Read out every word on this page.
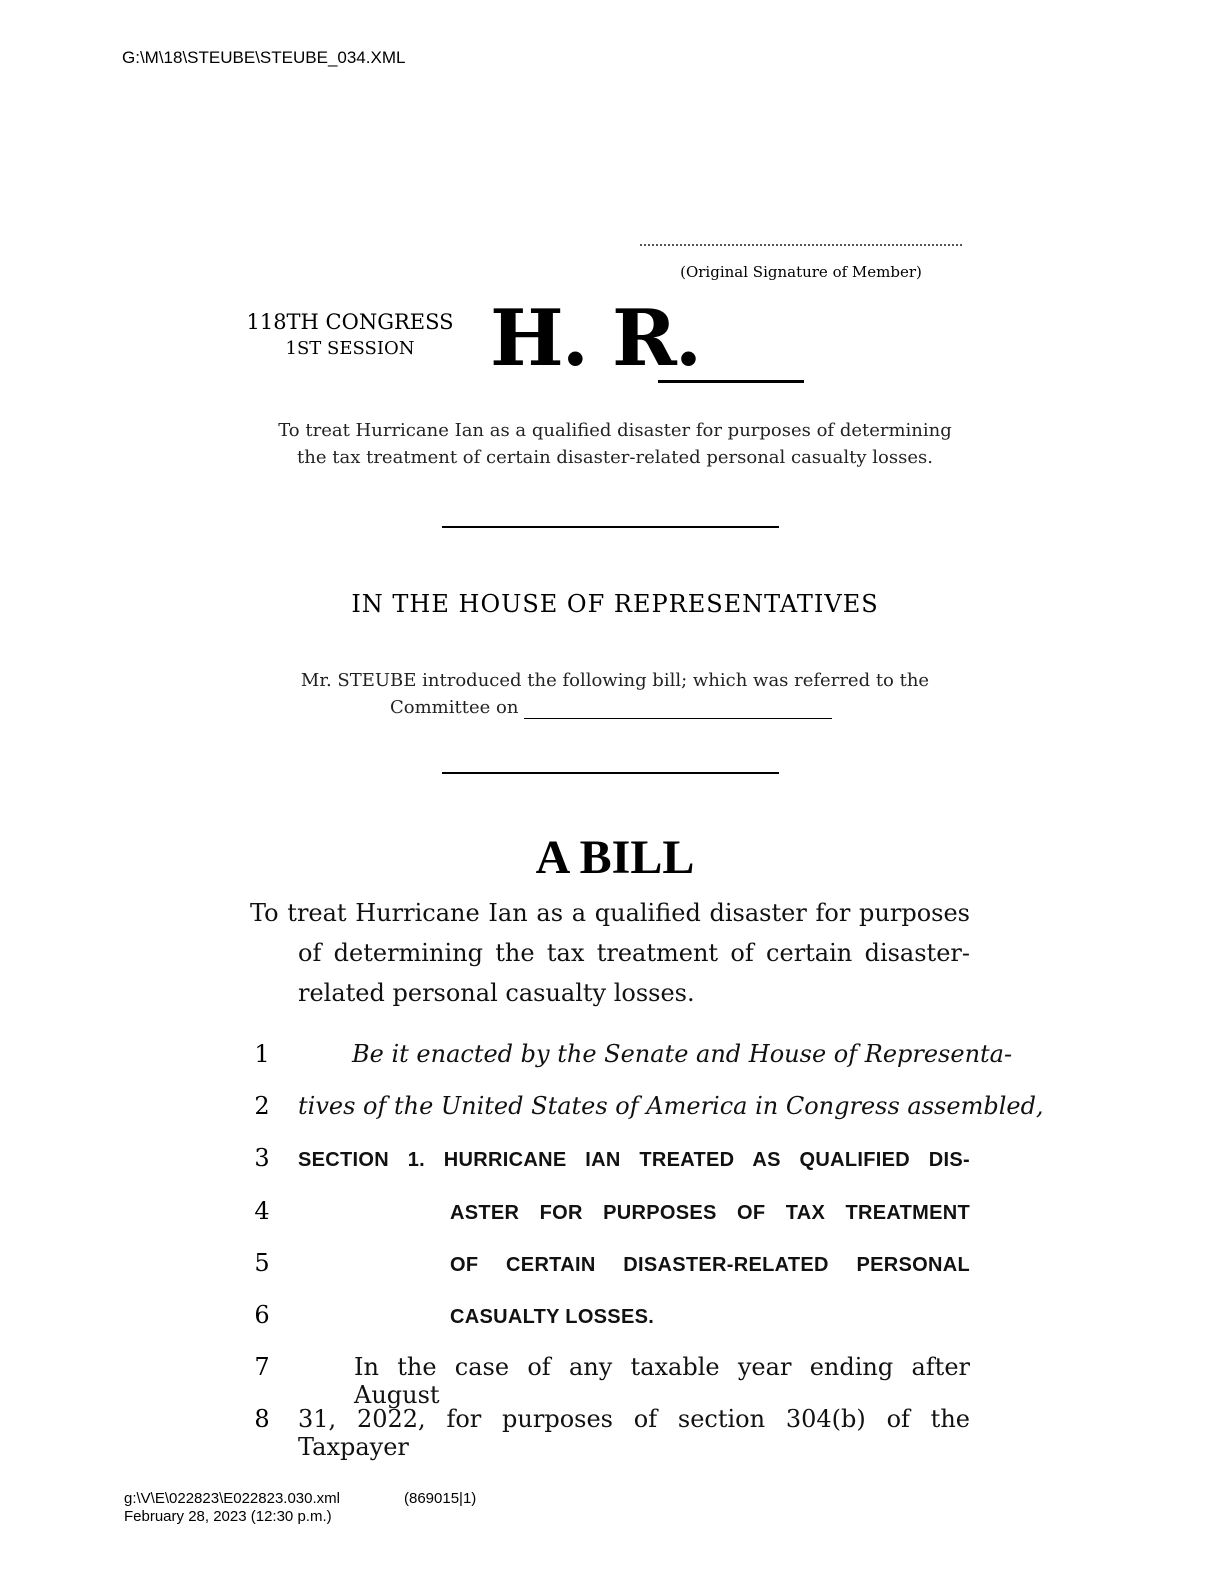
G:\M\18\STEUBE\STEUBE_034.XML
(Original Signature of Member)
118TH CONGRESS
1ST SESSION H. R.
To treat Hurricane Ian as a qualified disaster for purposes of determining
the tax treatment of certain disaster-related personal casualty losses.
IN THE HOUSE OF REPRESENTATIVES
Mr. STEUBE introduced the following bill; which was referred to the
Committee on
A BILL
To treat Hurricane Ian as a qualified disaster for purposes
of determining the tax treatment of certain disaster-
related personal casualty losses.
1	Be it enacted by the Senate and House of Representa-
2	tives of the United States of America in Congress assembled,
3	SECTION 1. HURRICANE IAN TREATED AS QUALIFIED DIS-
4	ASTER FOR PURPOSES OF TAX TREATMENT
5	OF CERTAIN DISASTER-RELATED PERSONAL
6	CASUALTY LOSSES.
7	In the case of any taxable year ending after August
8	31, 2022, for purposes of section 304(b) of the Taxpayer
g:\V\E\022823\E022823.030.xml
February 28, 2023 (12:30 p.m.)
(869015|1)
